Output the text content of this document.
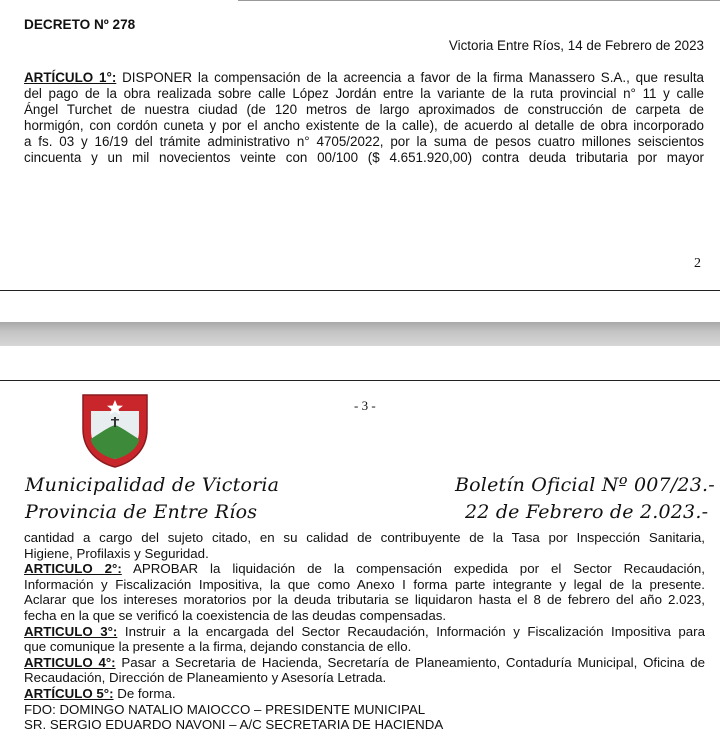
DECRETO Nº 278
Victoria Entre Ríos, 14 de Febrero de 2023
ARTÍCULO 1°: DISPONER la compensación de la acreencia a favor de la firma Manassero S.A., que resulta
del pago de la obra realizada sobre calle López Jordán entre la variante de la ruta provincial n° 11 y calle
Ángel Turchet de nuestra ciudad (de 120 metros de largo aproximados de construcción de carpeta de
hormigón, con cordón cuneta y por el ancho existente de la calle), de acuerdo al detalle de obra incorporado
a fs. 03 y 16/19 del trámite administrativo n° 4705/2022, por la suma de pesos cuatro millones seiscientos
cincuenta y un mil novecientos veinte con 00/100 ($ 4.651.920,00) contra deuda tributaria por mayor
2
- 3 -
Municipalidad de Victoria
Provincia de Entre Ríos
Boletín Oficial Nº 007/23.-
22 de Febrero de 2.023.-
cantidad a cargo del sujeto citado, en su calidad de contribuyente de la Tasa por Inspección Sanitaria,
Higiene, Profilaxis y Seguridad.
ARTICULO 2°: APROBAR la liquidación de la compensación expedida por el Sector Recaudación,
Información y Fiscalización Impositiva, la que como Anexo I forma parte integrante y legal de la presente.
Aclarar que los intereses moratorios por la deuda tributaria se liquidaron hasta el 8 de febrero del año 2.023,
fecha en la que se verificó la coexistencia de las deudas compensadas.
ARTICULO 3°: Instruir a la encargada del Sector Recaudación, Información y Fiscalización Impositiva para
que comunique la presente a la firma, dejando constancia de ello.
ARTICULO 4°: Pasar a Secretaria de Hacienda, Secretaría de Planeamiento, Contaduría Municipal, Oficina de
Recaudación, Dirección de Planeamiento y Asesoría Letrada.
ARTÍCULO 5°: De forma.
FDO: DOMINGO NATALIO MAIOCCO – PRESIDENTE MUNICIPAL
SR. SERGIO EDUARDO NAVONI – A/C SECRETARIA DE HACIENDA
